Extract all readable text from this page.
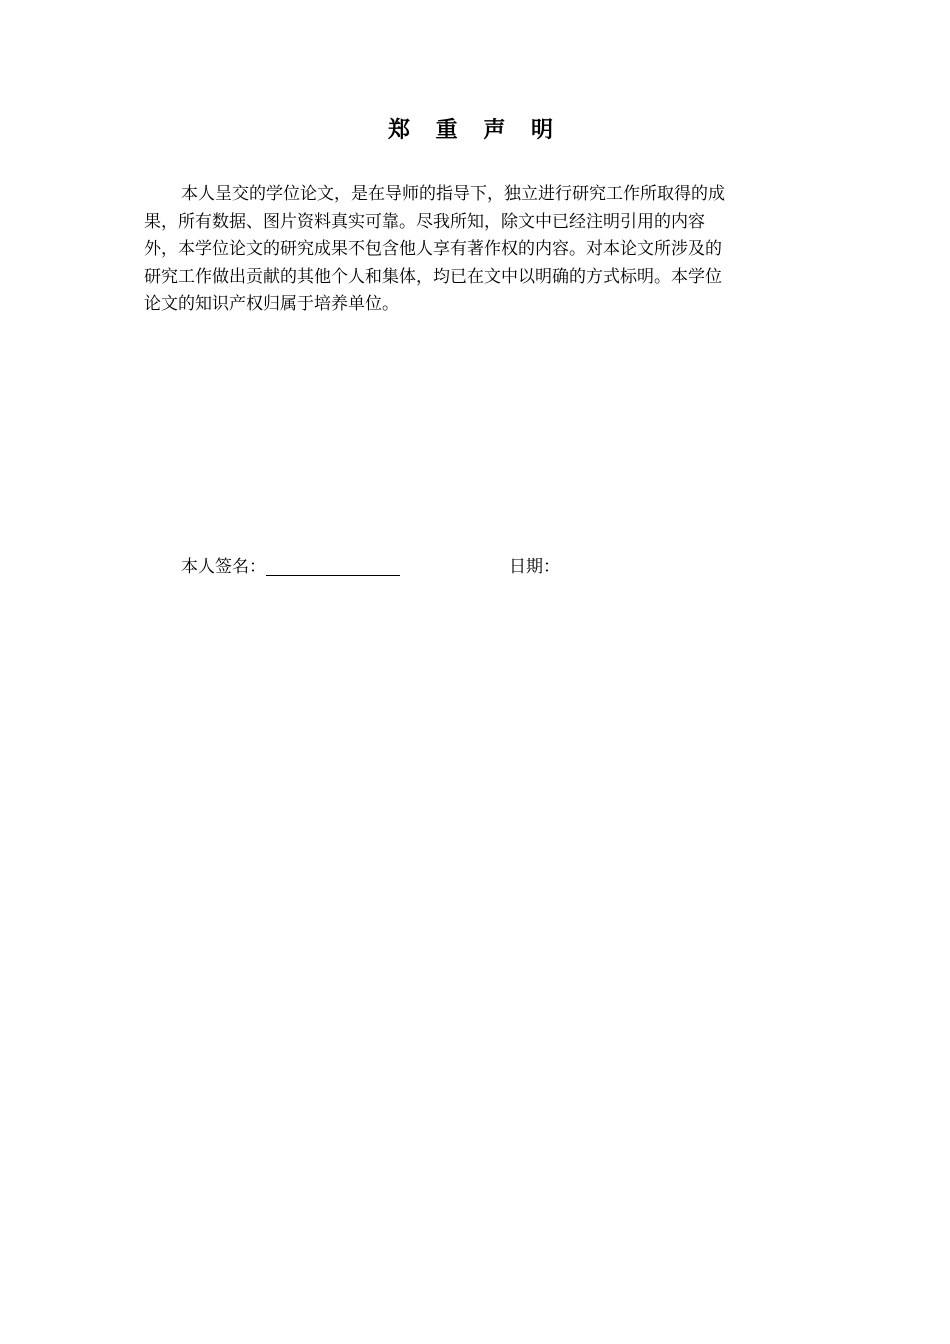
郑 重 声 明
本人呈交的学位论文，是在导师的指导下，独立进行研究工作所取得的成
果，所有数据、图片资料真实可靠。尽我所知，除文中已经注明引用的内容
外，本学位论文的研究成果不包含他人享有著作权的内容。对本论文所涉及的
研究工作做出贡献的其他个人和集体，均已在文中以明确的方式标明。本学位
论文的知识产权归属于培养单位。
本人签名：	日期：
